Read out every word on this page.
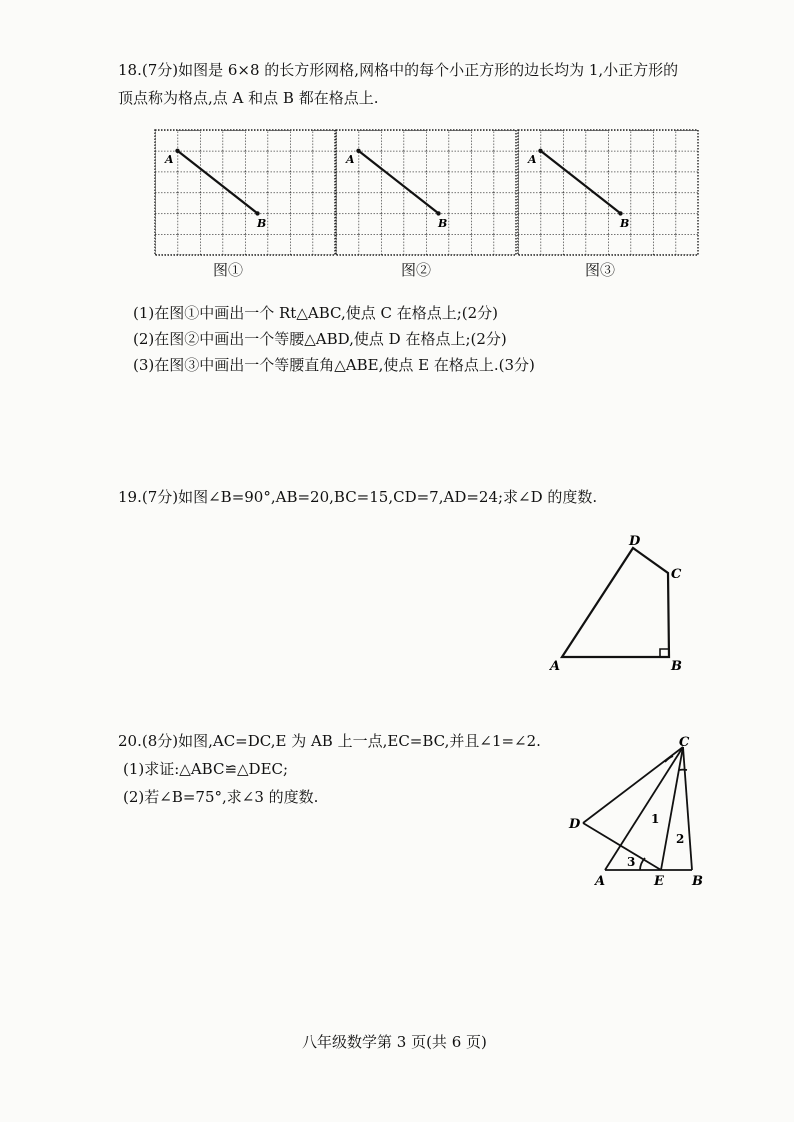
18.(7分)如图是 6×8 的长方形网格,网格中的每个小正方形的边长均为 1,小正方形的
顶点称为格点,点 A 和点 B 都在格点上.
A
B
A
B
A
B
图①	图②	图③
(1)在图①中画出一个 Rt△ABC,使点 C 在格点上;(2分)
(2)在图②中画出一个等腰△ABD,使点 D 在格点上;(2分)
(3)在图③中画出一个等腰直角△ABE,使点 E 在格点上.(3分)
19.(7分)如图∠B=90°,AB=20,BC=15,CD=7,AD=24;求∠D 的度数.
A	B
C
D
20.(8分)如图,AC=DC,E 为 AB 上一点,EC=BC,并且∠1=∠2.
(1)求证:△ABC≌△DEC;
(2)若∠B=75°,求∠3 的度数.
D
A	E B
C
1
2
3
八年级数学第 3 页(共 6 页)
